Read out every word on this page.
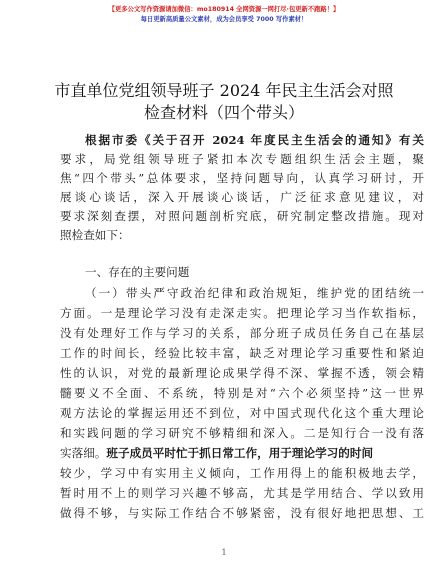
【更多公文写作资源请加微信：mo180914 全网资源一网打尽·包更新不跑路！】
每日更新高质量公文素材，成为会员享受 7000 写作素材！
市直单位党组领导班子 2024 年民主生活会对照
检查材料（四个带头）
根据市委《关于召开 2024 年度民主生活会的通知》有关
要求，局党组领导班子紧扣本次专题组织生活会主题，聚
焦“四个带头”总体要求，坚持问题导向，认真学习研讨，开
展谈心谈话，深入开展谈心谈话，广泛征求意见建议，对
要求深刻查摆，对照问题剖析究底，研究制定整改措施。现对
照检查如下：
一、存在的主要问题
（一）带头严守政治纪律和政治规矩，维护党的团结统一
方面。一是理论学习没有走深走实。把理论学习当作软指标，
没有处理好工作与学习的关系，部分班子成员任务自己在基层
工作的时间长，经验比较丰富，缺乏对理论学习重要性和紧迫
性的认识，对党的最新理论成果学得不深、掌握不透，领会精
髓要义不全面、不系统，特别是对“六个必须坚持”这一世界
观方法论的掌握运用还不到位，对中国式现代化这个重大理论
和实践问题的学习研究不够精细和深入。二是知行合一没有落
实落细。班子成员平时忙于抓日常工作，用于理论学习的时间
较少，学习中有实用主义倾向，工作用得上的能积极地去学，
暂时用不上的则学习兴趣不够高，尤其是学用结合、学以致用
做得不够，与实际工作结合不够紧密，没有很好地把思想、工
1
